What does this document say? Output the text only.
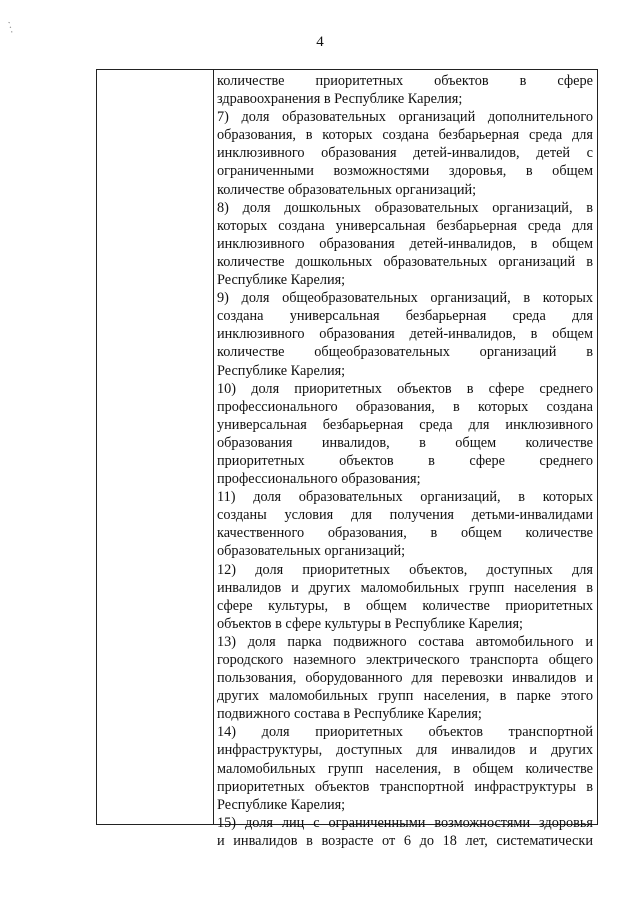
4
⋰
количестве приоритетных объектов в сфере
здравоохранения в Республике Карелия;
7) доля образовательных организаций дополнительного
образования, в которых создана безбарьерная среда для
инклюзивного образования детей-инвалидов, детей с
ограниченными возможностями здоровья, в общем
количестве образовательных организаций;
8) доля дошкольных образовательных организаций, в
которых создана универсальная безбарьерная среда для
инклюзивного образования детей-инвалидов, в общем
количестве дошкольных образовательных организаций в
Республике Карелия;
9) доля общеобразовательных организаций, в которых
создана универсальная безбарьерная среда для
инклюзивного образования детей-инвалидов, в общем
количестве общеобразовательных организаций в
Республике Карелия;
10) доля приоритетных объектов в сфере среднего
профессионального образования, в которых создана
универсальная безбарьерная среда для инклюзивного
образования инвалидов, в общем количестве
приоритетных объектов в сфере среднего
профессионального образования;
11) доля образовательных организаций, в которых
созданы условия для получения детьми-инвалидами
качественного образования, в общем количестве
образовательных организаций;
12) доля приоритетных объектов, доступных для
инвалидов и других маломобильных групп населения в
сфере культуры, в общем количестве приоритетных
объектов в сфере культуры в Республике Карелия;
13) доля парка подвижного состава автомобильного и
городского наземного электрического транспорта общего
пользования, оборудованного для перевозки инвалидов и
других маломобильных групп населения, в парке этого
подвижного состава в Республике Карелия;
14) доля приоритетных объектов транспортной
инфраструктуры, доступных для инвалидов и других
маломобильных групп населения, в общем количестве
приоритетных объектов транспортной инфраструктуры в
Республике Карелия;
15) доля лиц с ограниченными возможностями здоровья
и инвалидов в возрасте от 6 до 18 лет, систематически
